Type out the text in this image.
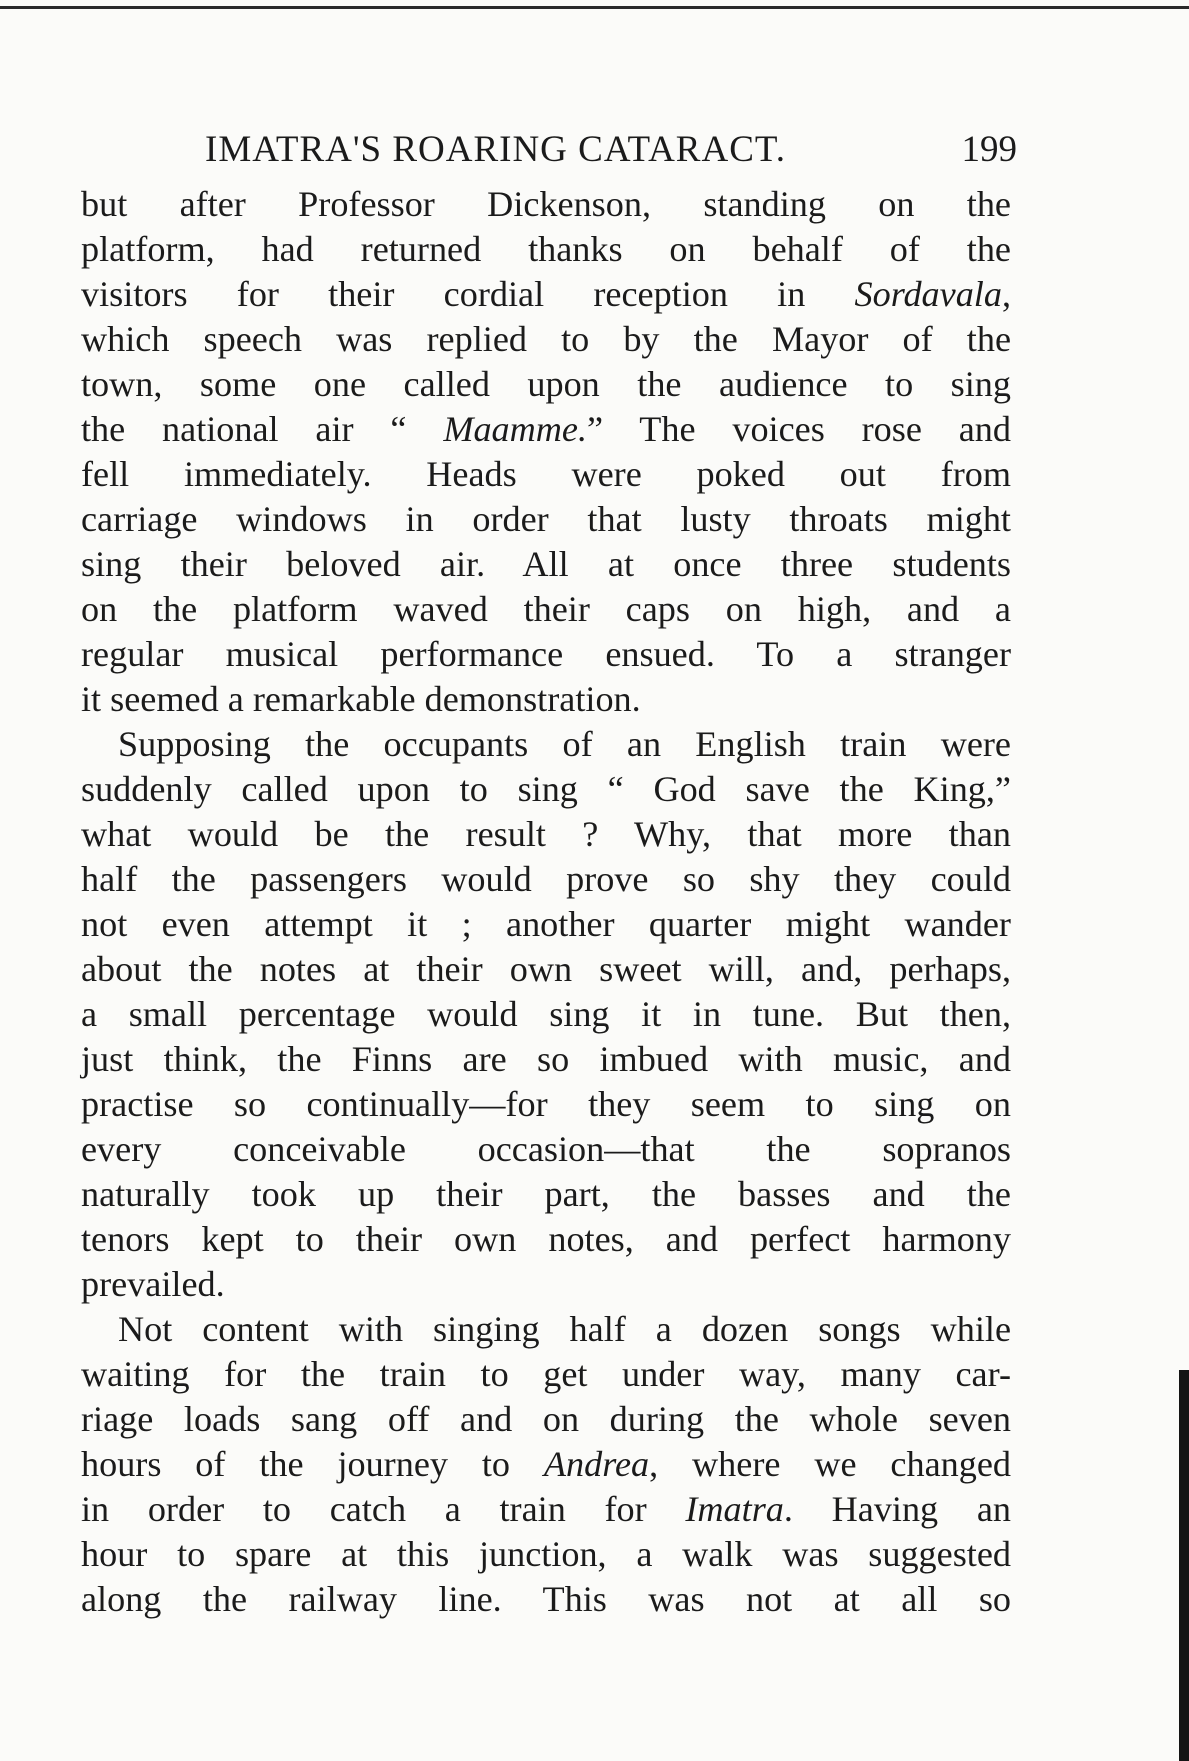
IMATRA'S ROARING CATARACT.	199

but after Professor Dickenson, standing on the
platform, had returned thanks on behalf of the
visitors for their cordial reception in Sordavala,
which speech was replied to by the Mayor of the
town, some one called upon the audience to sing
the national air “ Maamme.” The voices rose and
fell immediately. Heads were poked out from
carriage windows in order that lusty throats might
sing their beloved air. All at once three students
on the platform waved their caps on high, and a
regular musical performance ensued. To a stranger
it seemed a remarkable demonstration.

Supposing the occupants of an English train were
suddenly called upon to sing “ God save the King,”
what would be the result ? Why, that more than
half the passengers would prove so shy they could
not even attempt it ; another quarter might wander
about the notes at their own sweet will, and, perhaps,
a small percentage would sing it in tune. But then,
just think, the Finns are so imbued with music, and
practise so continually—for they seem to sing on
every conceivable occasion—that the sopranos
naturally took up their part, the basses and the
tenors kept to their own notes, and perfect harmony
prevailed.

Not content with singing half a dozen songs while
waiting for the train to get under way, many car-
riage loads sang off and on during the whole seven
hours of the journey to Andrea, where we changed
in order to catch a train for Imatra. Having an
hour to spare at this junction, a walk was suggested
along the railway line. This was not at all so
